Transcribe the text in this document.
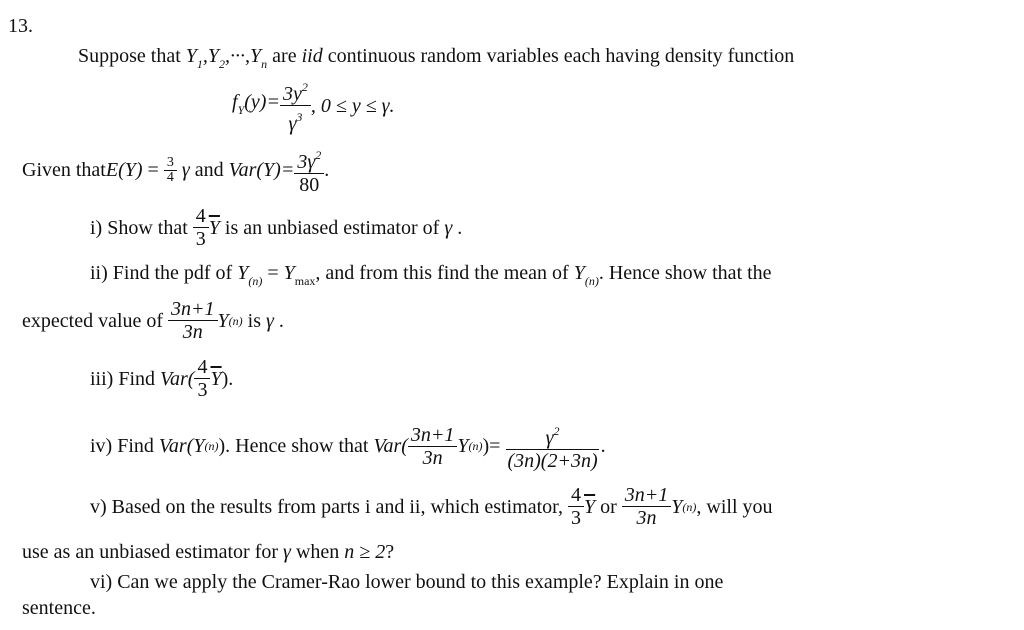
13.
Suppose that $Y_1,Y_2,\cdot\cdot\cdot,Y_n$ are iid continuous random variables each having density function
$f_Y(y)= \frac{3y^2}{\gamma^3}$ , 0 ≤ y ≤ γ.
Given that $E(Y) = \frac{3}{4}$ γ and $Var(Y)= \frac{3\gamma^2}{80}$ .
i) Show that $\frac{4}{3} \overline{Y}$ is an unbiased estimator of γ .
ii) Find the pdf of $Y_{(n)} = Y_{max}$, and from this find the mean of $Y_{(n)}$. Hence show that the
expected value of $\frac{3n+1}{3n}$ Y (n) is γ .
iii) Find $Var( \frac{4}{3} \overline{Y}$ ).
iv) Find Var(Y (n) ). Hence show that $Var( \frac{3n+1}{3n}$ Y (n) )= $\frac{\gamma^2}{(3n)(2+3n)}$ .
v) Based on the results from parts i and ii, which estimator, $\frac{4}{3} \overline{Y}$ or $\frac{3n+1}{3n}$ Y (n) , will you
use as an unbiased estimator for γ when n ≥ 2?
vi) Can we apply the Cramer-Rao lower bound to this example? Explain in one
sentence.
